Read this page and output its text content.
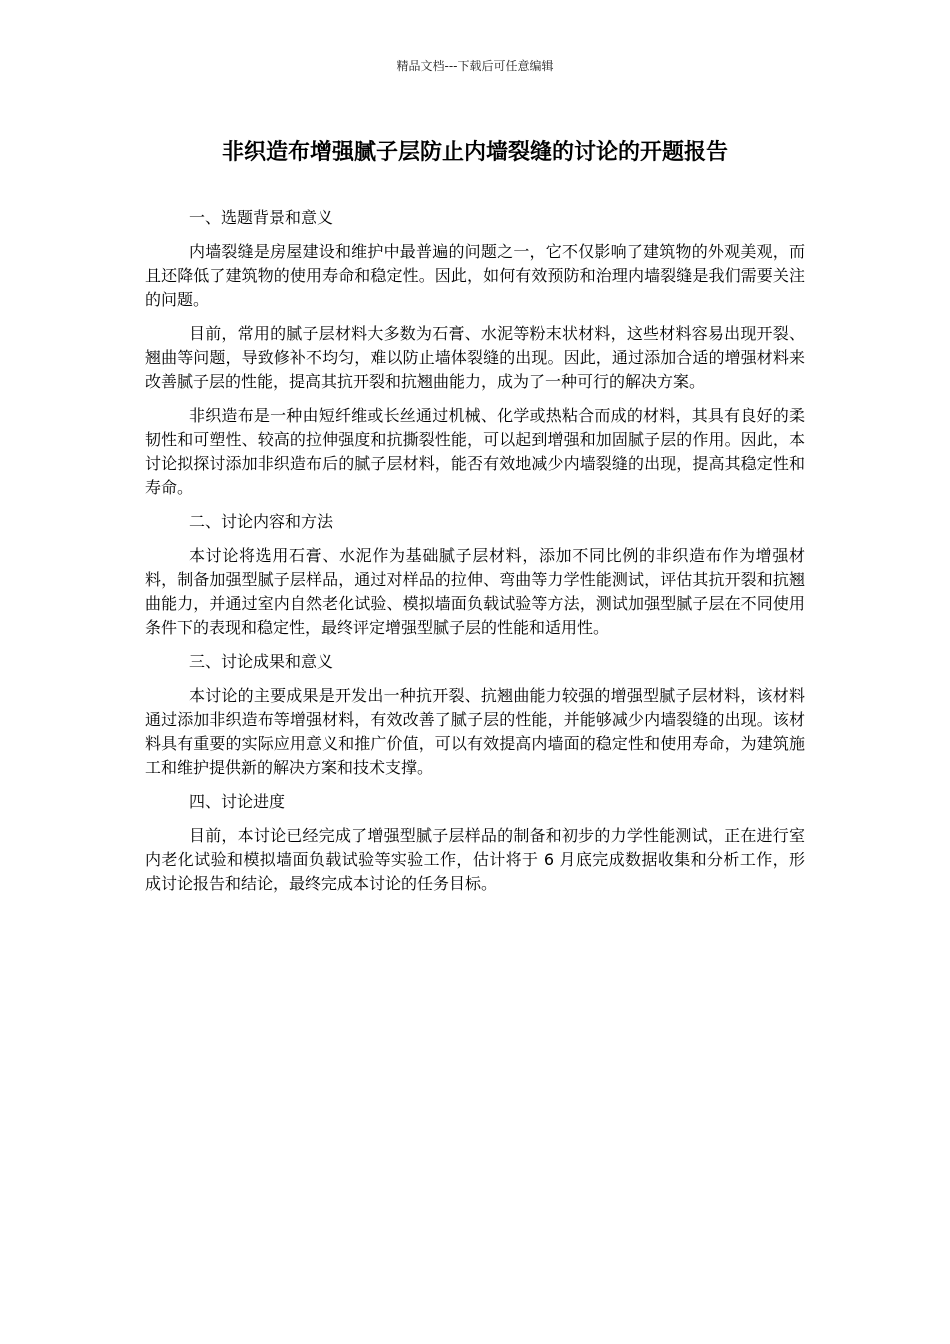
精品文档---下载后可任意编辑
非织造布增强腻子层防止内墙裂缝的讨论的开题报告

一、选题背景和意义

内墙裂缝是房屋建设和维护中最普遍的问题之一，它不仅影响了建筑物的外观美观，而且还降低了建筑物的使用寿命和稳定性。因此，如何有效预防和治理内墙裂缝是我们需要关注的问题。

目前，常用的腻子层材料大多数为石膏、水泥等粉末状材料，这些材料容易出现开裂、翘曲等问题，导致修补不均匀，难以防止墙体裂缝的出现。因此，通过添加合适的增强材料来改善腻子层的性能，提高其抗开裂和抗翘曲能力，成为了一种可行的解决方案。

非织造布是一种由短纤维或长丝通过机械、化学或热粘合而成的材料，其具有良好的柔韧性和可塑性、较高的拉伸强度和抗撕裂性能，可以起到增强和加固腻子层的作用。因此，本讨论拟探讨添加非织造布后的腻子层材料，能否有效地减少内墙裂缝的出现，提高其稳定性和寿命。

二、讨论内容和方法

本讨论将选用石膏、水泥作为基础腻子层材料，添加不同比例的非织造布作为增强材料，制备加强型腻子层样品，通过对样品的拉伸、弯曲等力学性能测试，评估其抗开裂和抗翘曲能力，并通过室内自然老化试验、模拟墙面负载试验等方法，测试加强型腻子层在不同使用条件下的表现和稳定性，最终评定增强型腻子层的性能和适用性。

三、讨论成果和意义

本讨论的主要成果是开发出一种抗开裂、抗翘曲能力较强的增强型腻子层材料，该材料通过添加非织造布等增强材料，有效改善了腻子层的性能，并能够减少内墙裂缝的出现。该材料具有重要的实际应用意义和推广价值，可以有效提高内墙面的稳定性和使用寿命，为建筑施工和维护提供新的解决方案和技术支撑。

四、讨论进度

目前，本讨论已经完成了增强型腻子层样品的制备和初步的力学性能测试，正在进行室内老化试验和模拟墙面负载试验等实验工作，估计将于 6 月底完成数据收集和分析工作，形成讨论报告和结论，最终完成本讨论的任务目标。
